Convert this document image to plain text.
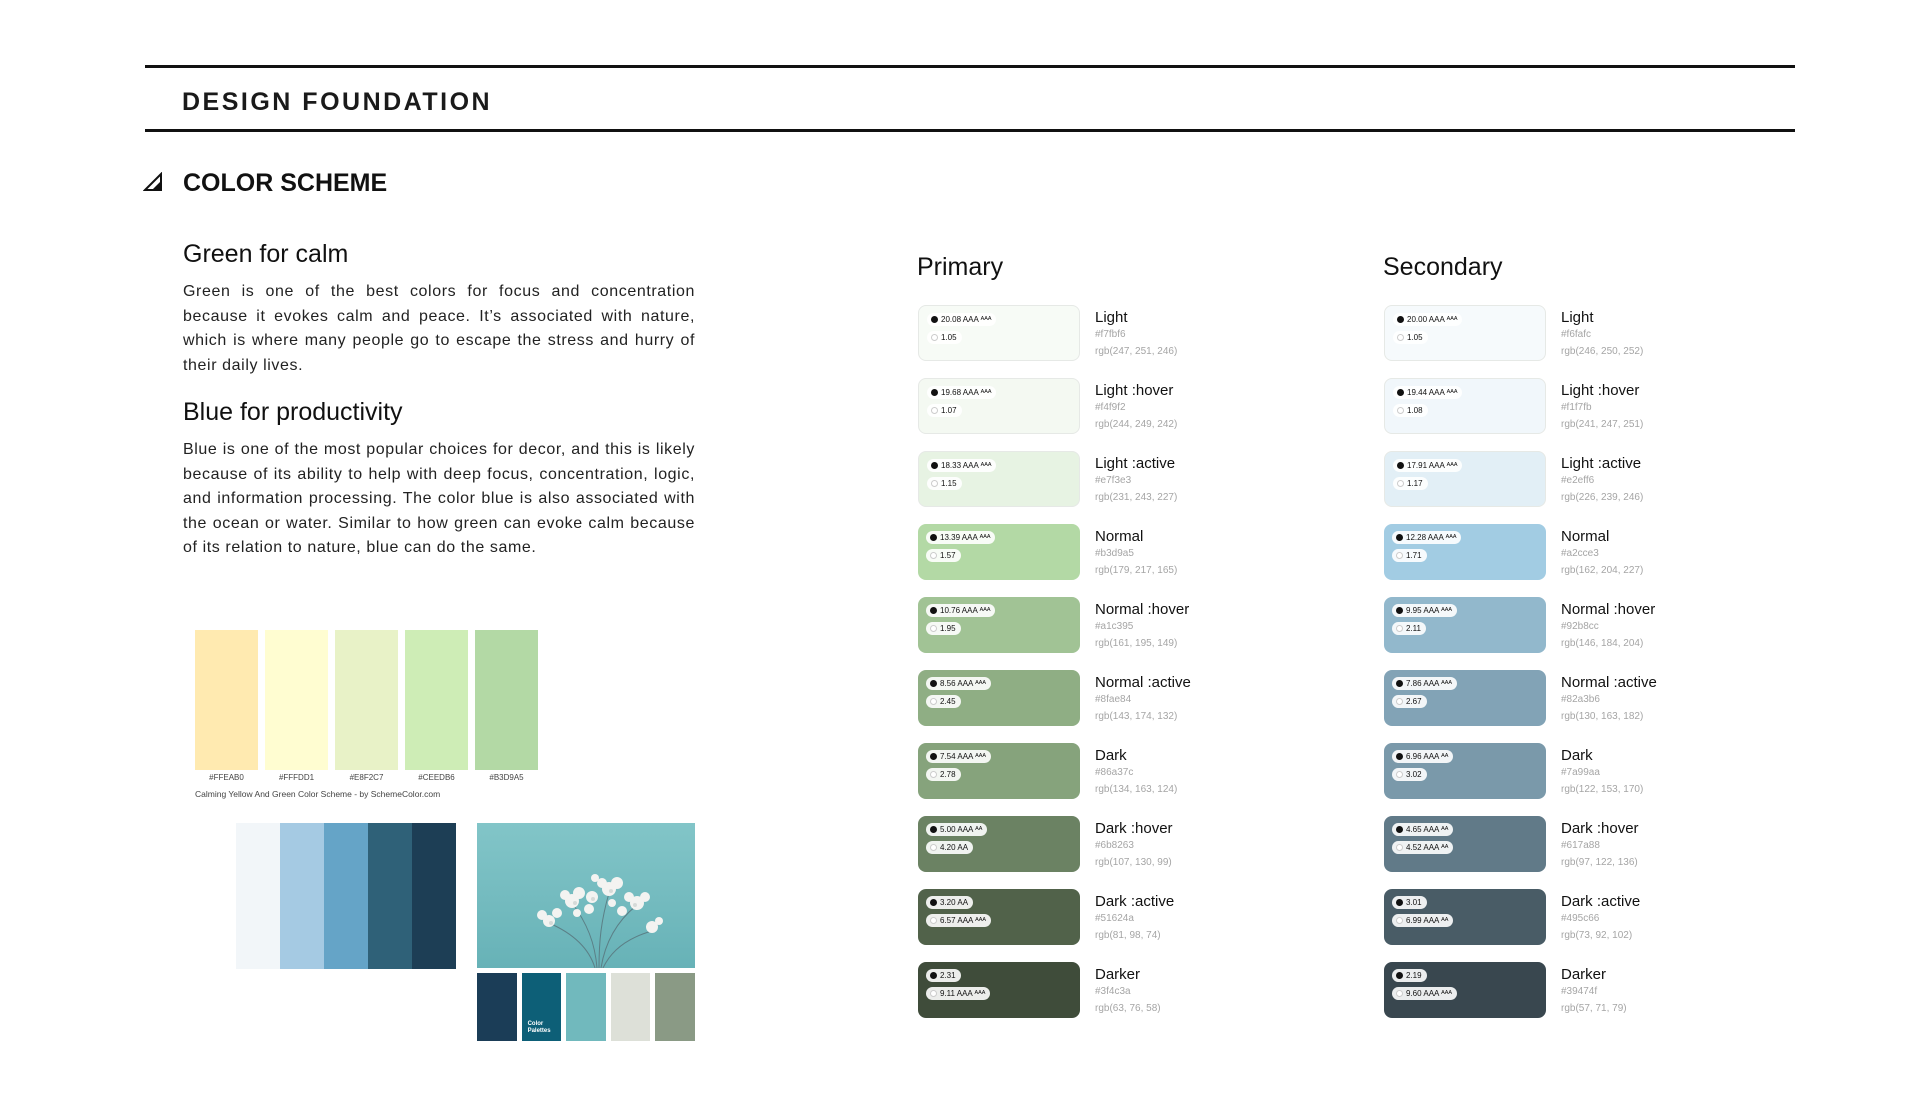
DESIGN FOUNDATION
COLOR SCHEME
Green for calm
Green is one of the best colors for focus and concentration because it evokes calm and peace. It’s associated with nature, which is where many people go to escape the stress and hurry of their daily lives.
Blue for productivity
Blue is one of the most popular choices for decor, and this is likely because of its ability to help with deep focus, concentration, logic, and information processing. The color blue is also associated with the ocean or water. Similar to how green can evoke calm because of its relation to nature, blue can do the same.
#FFEAB0	#FFFDD1	#E8F2C7	#CEEDB6	#B3D9A5
Calming Yellow And Green Color Scheme - by SchemeColor.com
Color Palettes
Primary	Secondary
20.08 AAA ᴬᴬᴬ
1.05
Light
#f7fbf6
rgb(247, 251, 246)
19.68 AAA ᴬᴬᴬ
1.07
Light :hover
#f4f9f2
rgb(244, 249, 242)
18.33 AAA ᴬᴬᴬ
1.15
Light :active
#e7f3e3
rgb(231, 243, 227)
13.39 AAA ᴬᴬᴬ
1.57
Normal
#b3d9a5
rgb(179, 217, 165)
10.76 AAA ᴬᴬᴬ
1.95
Normal :hover
#a1c395
rgb(161, 195, 149)
8.56 AAA ᴬᴬᴬ
2.45
Normal :active
#8fae84
rgb(143, 174, 132)
7.54 AAA ᴬᴬᴬ
2.78
Dark
#86a37c
rgb(134, 163, 124)
5.00 AAA ᴬᴬ
4.20 AA
Dark :hover
#6b8263
rgb(107, 130, 99)
3.20 AA
6.57 AAA ᴬᴬᴬ
Dark :active
#51624a
rgb(81, 98, 74)
2.31
9.11 AAA ᴬᴬᴬ
Darker
#3f4c3a
rgb(63, 76, 58)
20.00 AAA ᴬᴬᴬ
1.05
Light
#f6fafc
rgb(246, 250, 252)
19.44 AAA ᴬᴬᴬ
1.08
Light :hover
#f1f7fb
rgb(241, 247, 251)
17.91 AAA ᴬᴬᴬ
1.17
Light :active
#e2eff6
rgb(226, 239, 246)
12.28 AAA ᴬᴬᴬ
1.71
Normal
#a2cce3
rgb(162, 204, 227)
9.95 AAA ᴬᴬᴬ
2.11
Normal :hover
#92b8cc
rgb(146, 184, 204)
7.86 AAA ᴬᴬᴬ
2.67
Normal :active
#82a3b6
rgb(130, 163, 182)
6.96 AAA ᴬᴬ
3.02
Dark
#7a99aa
rgb(122, 153, 170)
4.65 AAA ᴬᴬ
4.52 AAA ᴬᴬ
Dark :hover
#617a88
rgb(97, 122, 136)
3.01
6.99 AAA ᴬᴬ
Dark :active
#495c66
rgb(73, 92, 102)
2.19
9.60 AAA ᴬᴬᴬ
Darker
#39474f
rgb(57, 71, 79)
